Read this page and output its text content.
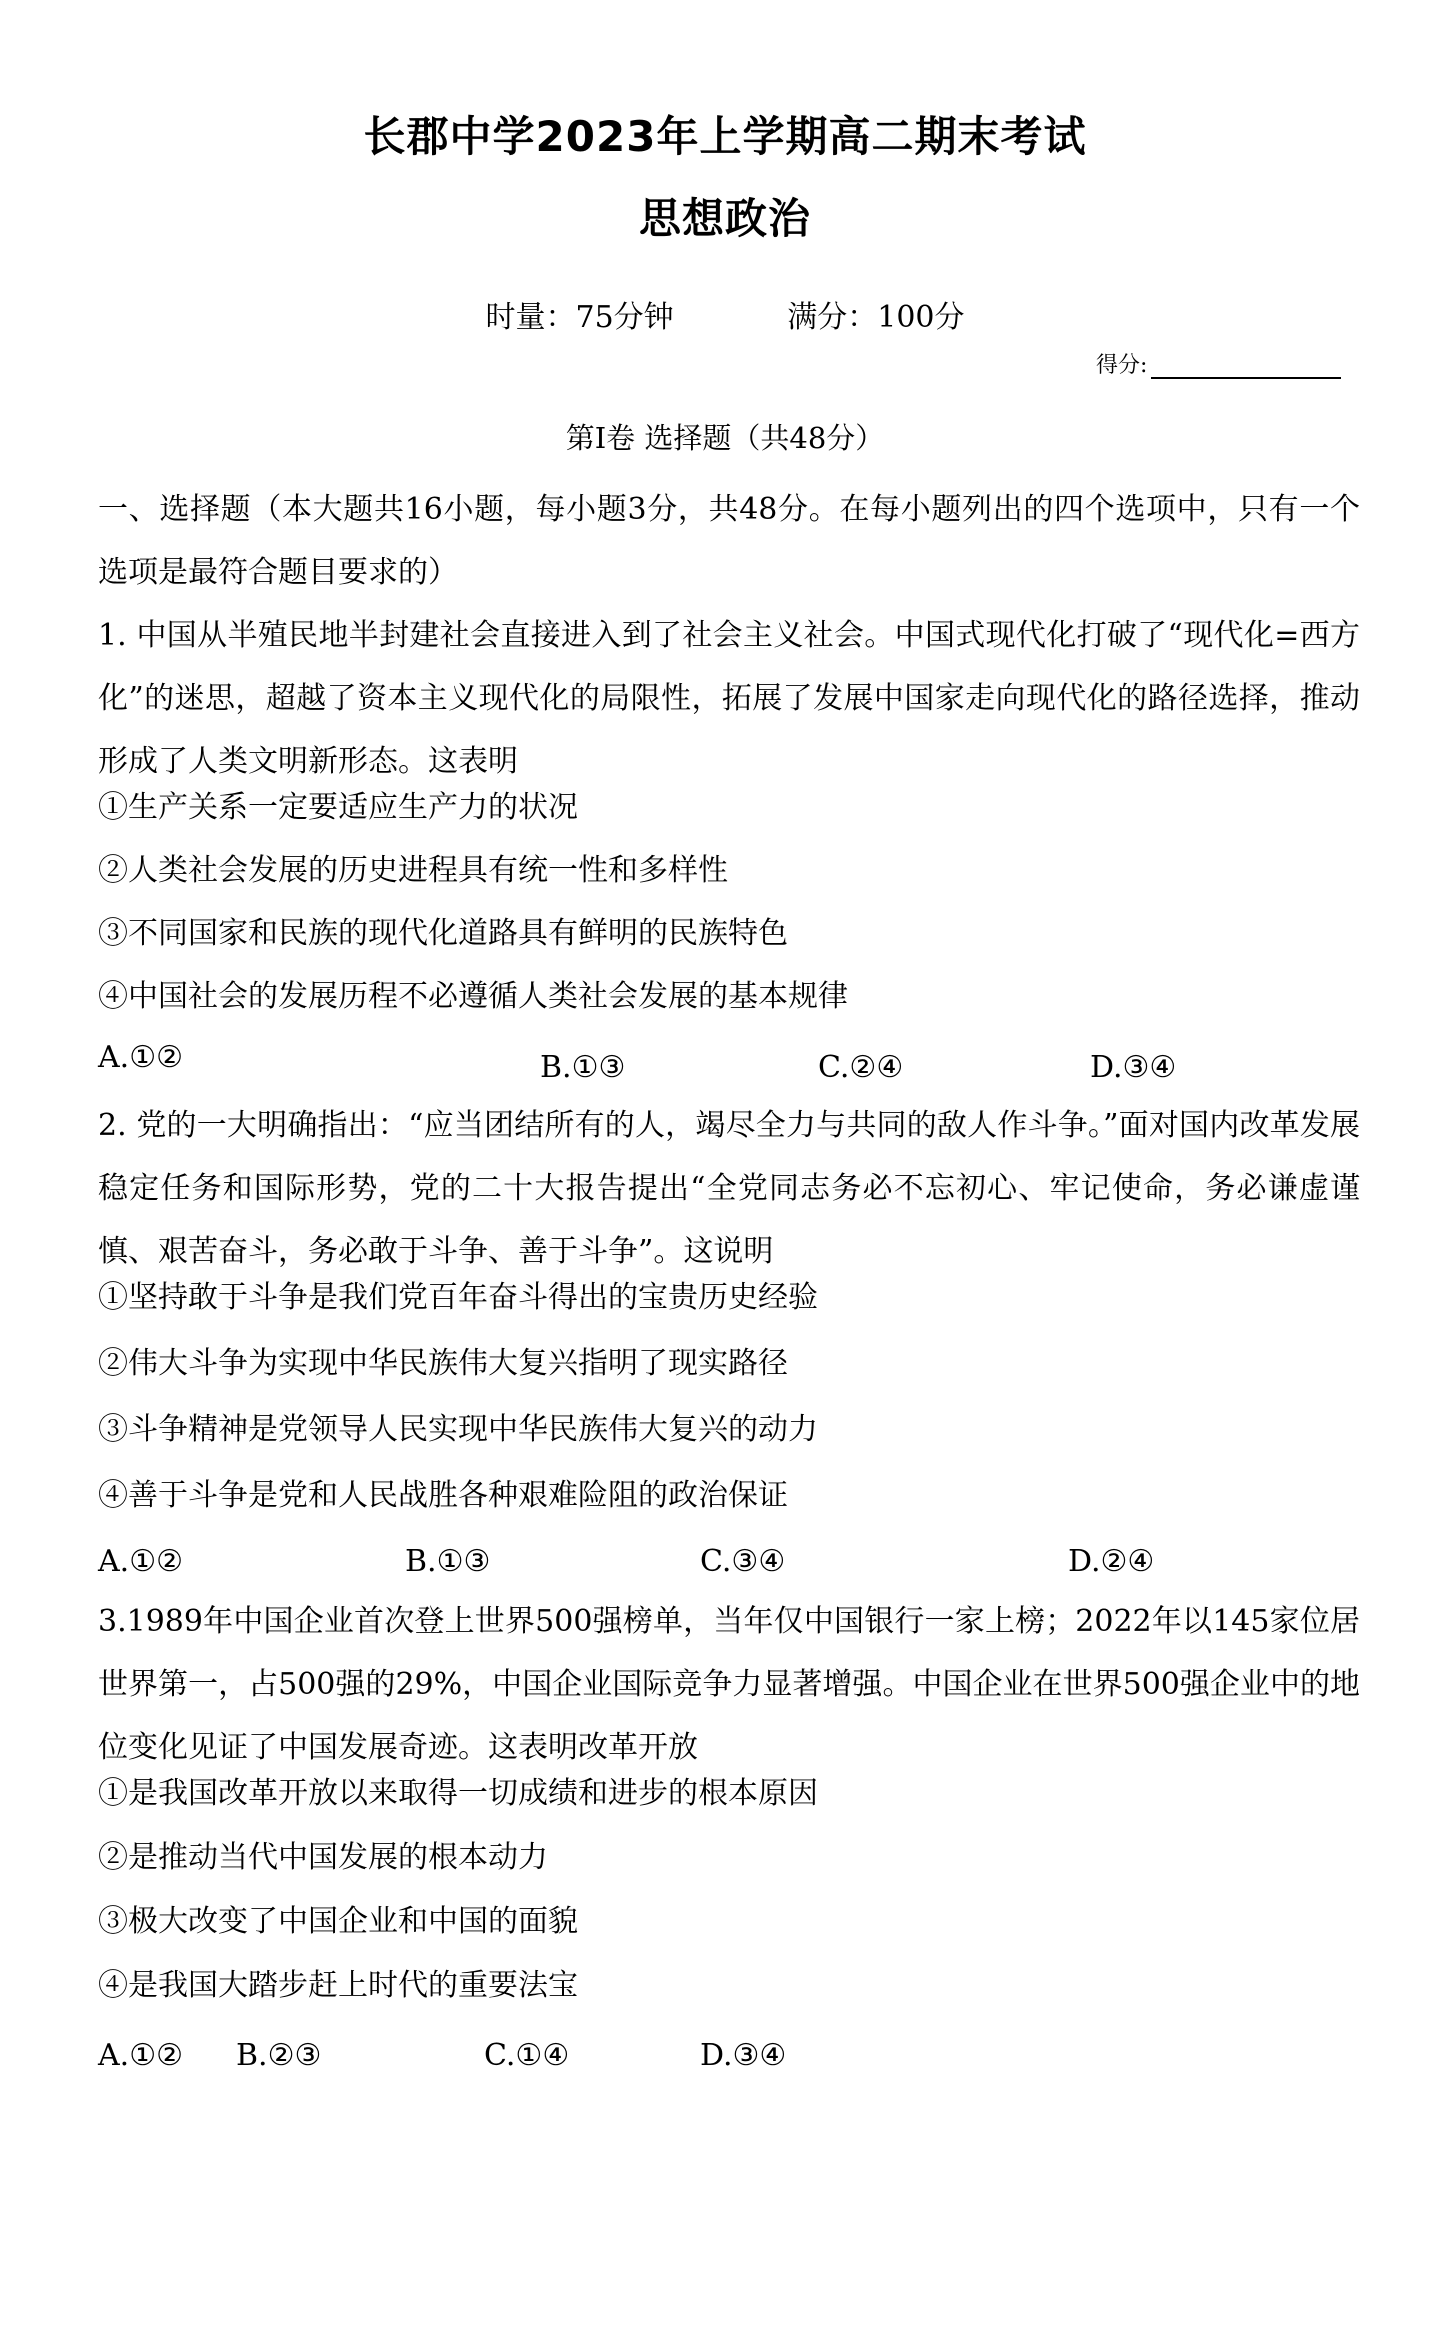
长郡中学2023年上学期高二期末考试
思想政治
时量：75分钟	满分：100分
得分:
第I卷 选择题（共48分）
一、选择题（本大题共16小题，每小题3分，共48分。在每小题列出的四个选项中，只有一个选项是最符合题目要求的）
1. 中国从半殖民地半封建社会直接进入到了社会主义社会。中国式现代化打破了“现代化=西方化”的迷思，超越了资本主义现代化的局限性，拓展了发展中国家走向现代化的路径选择，推动形成了人类文明新形态。这表明
①生产关系一定要适应生产力的状况
②人类社会发展的历史进程具有统一性和多样性
③不同国家和民族的现代化道路具有鲜明的民族特色
④中国社会的发展历程不必遵循人类社会发展的基本规律
A.①②	B.①③	C.②④	D.③④
2. 党的一大明确指出：“应当团结所有的人，竭尽全力与共同的敌人作斗争。”面对国内改革发展稳定任务和国际形势，党的二十大报告提出“全党同志务必不忘初心、牢记使命，务必谦虚谨慎、艰苦奋斗，务必敢于斗争、善于斗争”。这说明
①坚持敢于斗争是我们党百年奋斗得出的宝贵历史经验
②伟大斗争为实现中华民族伟大复兴指明了现实路径
③斗争精神是党领导人民实现中华民族伟大复兴的动力
④善于斗争是党和人民战胜各种艰难险阻的政治保证
A.①②	B.①③	C.③④	D.②④
3.1989年中国企业首次登上世界500强榜单，当年仅中国银行一家上榜；2022年以145家位居世界第一，占500强的29%，中国企业国际竞争力显著增强。中国企业在世界500强企业中的地位变化见证了中国发展奇迹。这表明改革开放
①是我国改革开放以来取得一切成绩和进步的根本原因
②是推动当代中国发展的根本动力
③极大改变了中国企业和中国的面貌
④是我国大踏步赶上时代的重要法宝
A.①② B.②③	C.①④	D.③④
